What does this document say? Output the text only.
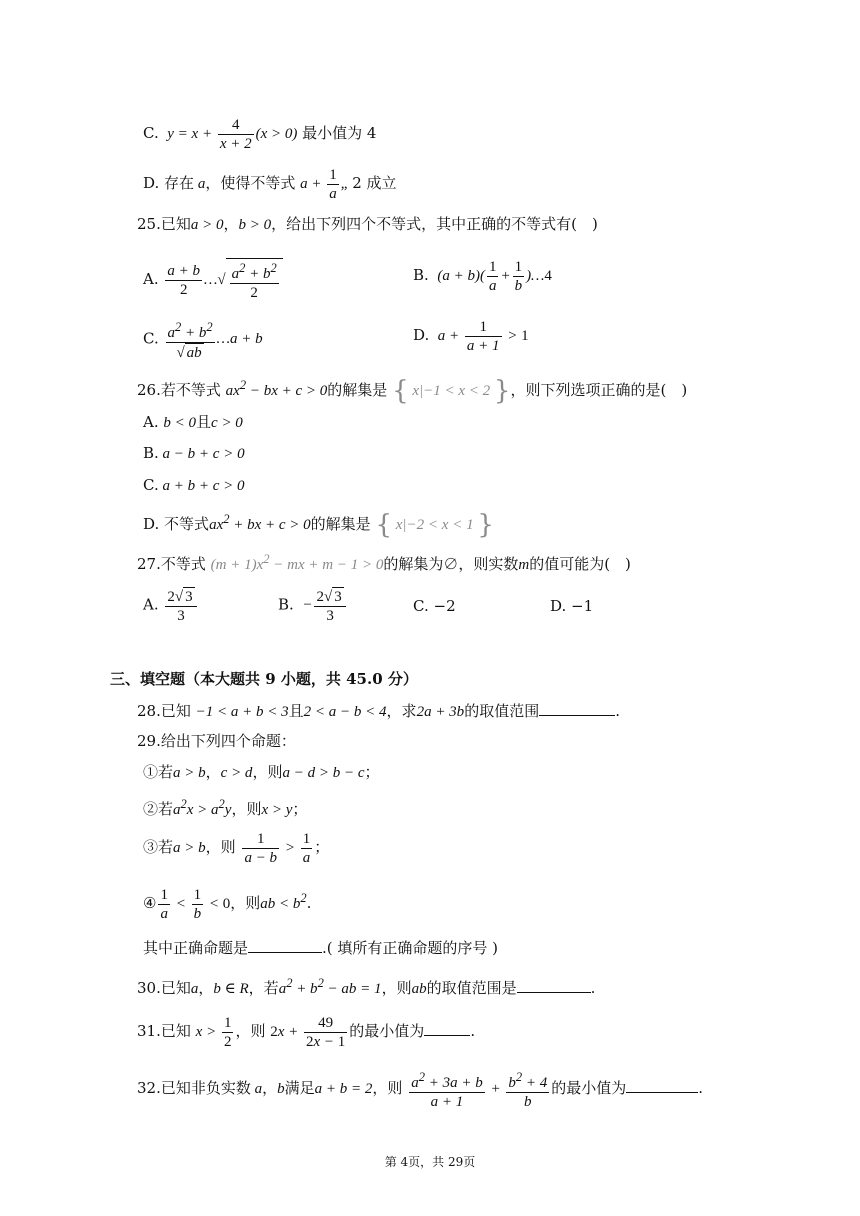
C.  $y = x + \frac{4}{x + 2} (x > 0)$ 最小值为 4
D. 存在 a，使得不等式 $a + \frac{1}{a}$ „ 2 成立
25.已知a > 0，b > 0，给出下列四个不等式，其中正确的不等式有(　)
A. $\frac{a + b}{2}$ …√ $\frac{a^2 + b^2}{2}$	B.  $(a + b)( \frac{1}{a} + \frac{1}{b}$ )…4
C. $\frac{a^2 + b^2}{√ ab}$ …a + b	D.  $a + \frac{1}{a + 1} > 1$
26.若不等式 $ax^2$ − bx + c > 0的解集是 { x|−1 < x < 2 }，则下列选项正确的是(　)
A. b < 0且c > 0
B. a − b + c > 0
C. a + b + c > 0
D. 不等式$ax^2$ + bx + c > 0的解集是 { x|−2 < x < 1 }
27.不等式 $(m + 1)x^2$ − mx + m − 1 > 0的解集为∅，则实数m的值可能为(　)
A. $\frac{2√ 3}{3}$	B.  − $\frac{2√ 3}{3}$	C. −2	D. −1
三、填空题（本大题共 9 小题，共 45.0 分）
28.已知 −1 < a + b < 3且2 < a − b < 4，求2a + 3b的取值范围	.
29.给出下列四个命题：
①若a > b，c > d，则a − d > b − c；
②若$a^2x > a^2y$，则x > y；
③若a > b，则 $\frac{1}{a - b} > \frac{1}{a}$ ；
④ $\frac{1}{a} < \frac{1}{b} < 0$，则ab < $b^2$.
其中正确命题是	.( 填所有正确命题的序号 )
30.已知a，b ∈ R，若$a^2 + b^2$ − ab = 1，则ab的取值范围是	.
31.已知 $x > \frac{1}{2}$ ，则 $2x + \frac{49}{2x - 1}$ 的最小值为	.
32.已知非负实数 a，b满足a + b = 2，则 $\frac{a^2 + 3a + b}{a + 1} + \frac{b^2 + 4}{b}$ 的最小值为	.
第 4页，共 29页
